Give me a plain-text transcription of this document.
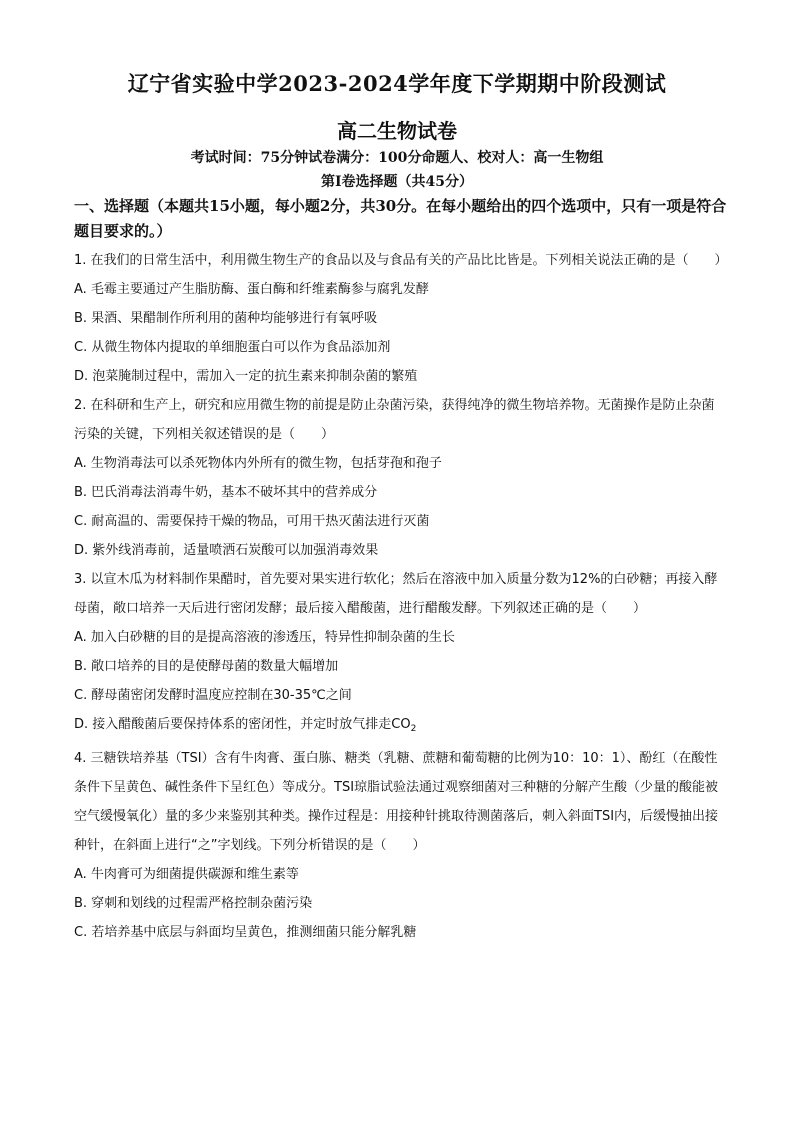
辽宁省实验中学2023-2024学年度下学期期中阶段测试
高二生物试卷
考试时间：75分钟试卷满分：100分命题人、校对人：高一生物组
第I卷选择题（共45分）
一、选择题（本题共15小题，每小题2分，共30分。在每小题给出的四个选项中，只有一项是符合题目要求的。）

1. 在我们的日常生活中，利用微生物生产的食品以及与食品有关的产品比比皆是。下列相关说法正确的是（　　）

A. 毛霉主要通过产生脂肪酶、蛋白酶和纤维素酶参与腐乳发酵

B. 果酒、果醋制作所利用的菌种均能够进行有氧呼吸

C. 从微生物体内提取的单细胞蛋白可以作为食品添加剂

D. 泡菜腌制过程中，需加入一定的抗生素来抑制杂菌的繁殖

2. 在科研和生产上，研究和应用微生物的前提是防止杂菌污染，获得纯净的微生物培养物。无菌操作是防止杂菌污染的关键，下列相关叙述错误的是（　　）

A. 生物消毒法可以杀死物体内外所有的微生物，包括芽孢和孢子

B. 巴氏消毒法消毒牛奶，基本不破坏其中的营养成分

C. 耐高温的、需要保持干燥的物品，可用干热灭菌法进行灭菌

D. 紫外线消毒前，适量喷洒石炭酸可以加强消毒效果

3. 以宣木瓜为材料制作果醋时，首先要对果实进行软化；然后在溶液中加入质量分数为12%的白砂糖；再接入酵母菌，敞口培养一天后进行密闭发酵；最后接入醋酸菌，进行醋酸发酵。下列叙述正确的是（　　）

A. 加入白砂糖的目的是提高溶液的渗透压，特异性抑制杂菌的生长

B. 敞口培养的目的是使酵母菌的数量大幅增加

C. 酵母菌密闭发酵时温度应控制在30-35℃之间

D. 接入醋酸菌后要保持体系的密闭性，并定时放气排走$CO_2$

4. 三糖铁培养基（TSI）含有牛肉膏、蛋白胨、糖类（乳糖、蔗糖和葡萄糖的比例为10：10：1）、酚红（在酸性条件下呈黄色、碱性条件下呈红色）等成分。TSI琼脂试验法通过观察细菌对三种糖的分解产生酸（少量的酸能被空气缓慢氧化）量的多少来鉴别其种类。操作过程是：用接种针挑取待测菌落后，刺入斜面TSI内，后缓慢抽出接种针，在斜面上进行“之”字划线。下列分析错误的是（　　）

A. 牛肉膏可为细菌提供碳源和维生素等

B. 穿刺和划线的过程需严格控制杂菌污染

C. 若培养基中底层与斜面均呈黄色，推测细菌只能分解乳糖
